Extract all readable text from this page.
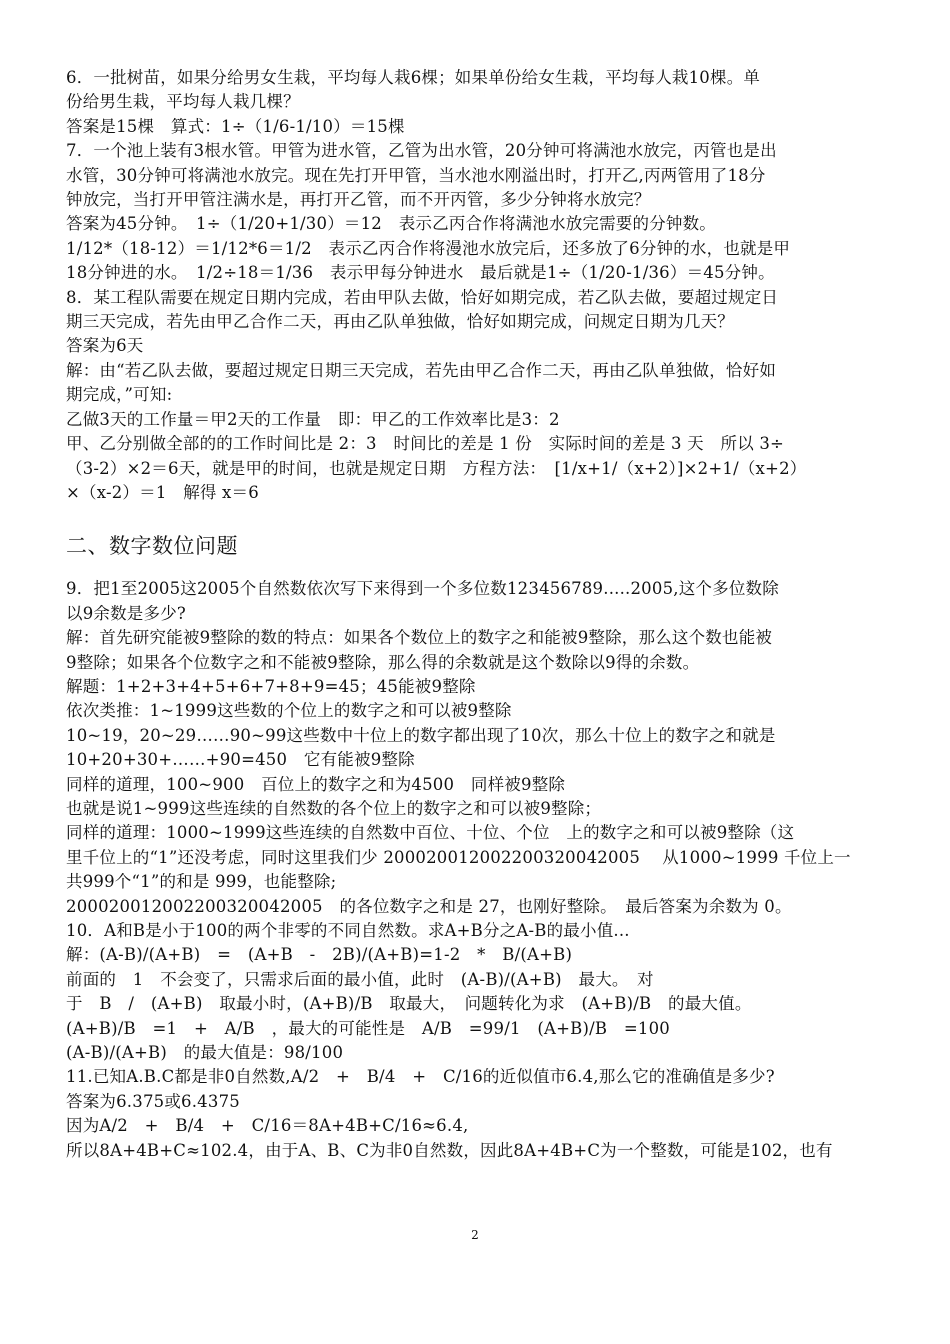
6．一批树苗，如果分给男女生栽，平均每人栽6棵；如果单份给女生栽，平均每人栽10棵。单
份给男生栽，平均每人栽几棵？
答案是15棵　算式：1÷（1/6-1/10）＝15棵
7．一个池上装有3根水管。甲管为进水管，乙管为出水管，20分钟可将满池水放完，丙管也是出
水管，30分钟可将满池水放完。现在先打开甲管，当水池水刚溢出时，打开乙,丙两管用了18分
钟放完，当打开甲管注满水是，再打开乙管，而不开丙管，多少分钟将水放完？
答案为45分钟。　1÷（1/20+1/30）＝12　表示乙丙合作将满池水放完需要的分钟数。
1/12*（18-12）＝1/12*6＝1/2　表示乙丙合作将漫池水放完后，还多放了6分钟的水，也就是甲
18分钟进的水。　1/2÷18＝1/36　表示甲每分钟进水　最后就是1÷（1/20-1/36）＝45分钟。
8．某工程队需要在规定日期内完成，若由甲队去做，恰好如期完成，若乙队去做，要超过规定日
期三天完成，若先由甲乙合作二天，再由乙队单独做，恰好如期完成，问规定日期为几天？
答案为6天
解：由“若乙队去做，要超过规定日期三天完成，若先由甲乙合作二天，再由乙队单独做，恰好如
期完成，”可知:
乙做3天的工作量＝甲2天的工作量　即：甲乙的工作效率比是3：2
甲、乙分别做全部的的工作时间比是 2：3　时间比的差是 1 份　实际时间的差是 3 天　所以 3÷
（3-2）×2＝6天，就是甲的时间，也就是规定日期　方程方法：　[1/x+1/（x+2）]×2+1/（x+2）
×（x-2）＝1　解得 x＝6
二、数字数位问题
9．把1至2005这2005个自然数依次写下来得到一个多位数123456789.....2005,这个多位数除
以9余数是多少?
解：首先研究能被9整除的数的特点：如果各个数位上的数字之和能被9整除，那么这个数也能被
9整除；如果各个位数字之和不能被9整除，那么得的余数就是这个数除以9得的余数。
解题：1+2+3+4+5+6+7+8+9=45；45能被9整除
依次类推：1~1999这些数的个位上的数字之和可以被9整除
10~19，20~29……90~99这些数中十位上的数字都出现了10次，那么十位上的数字之和就是
10+20+30+……+90=450　它有能被9整除
同样的道理，100~900　百位上的数字之和为4500　同样被9整除
也就是说1~999这些连续的自然数的各个位上的数字之和可以被9整除；
同样的道理：1000~1999这些连续的自然数中百位、十位、个位　上的数字之和可以被9整除（这
里千位上的“1”还没考虑，同时这里我们少 2000200120022003200420​05　 从1000~1999 千位上一
共999个“1”的和是 999，也能整除;
200020012002200320042005　的各位数字之和是 27，也刚好整除。　最后答案为余数为 0。
10．A和B是小于100的两个非零的不同自然数。求A+B分之A-B的最小值...
解：(A-B)/(A+B)　=　(A+B　-　2B)/(A+B)=1-2　*　B/(A+B)
前面的　1　不会变了，只需求后面的最小值，此时　(A-B)/(A+B)　最大。　对
于　B　/　(A+B)　取最小时，(A+B)/B　取最大，　问题转化为求　(A+B)/B　的最大值。
(A+B)/B　=1　+　A/B　，最大的可能性是　A/B　=99/1　(A+B)/B　=100
(A-B)/(A+B)　的最大值是：98/100
11.已知A.B.C都是非0自然数,A/2　+　B/4　+　C/16的近似值市6.4,那么它的准确值是多少?
答案为6.375或6.4375
因为A/2　+　B/4　+　C/16＝8A+4B+C/16≈6.4,
所以8A+4B+C≈102.4，由于A、B、C为非0自然数，因此8A+4B+C为一个整数，可能是102，也有
2
